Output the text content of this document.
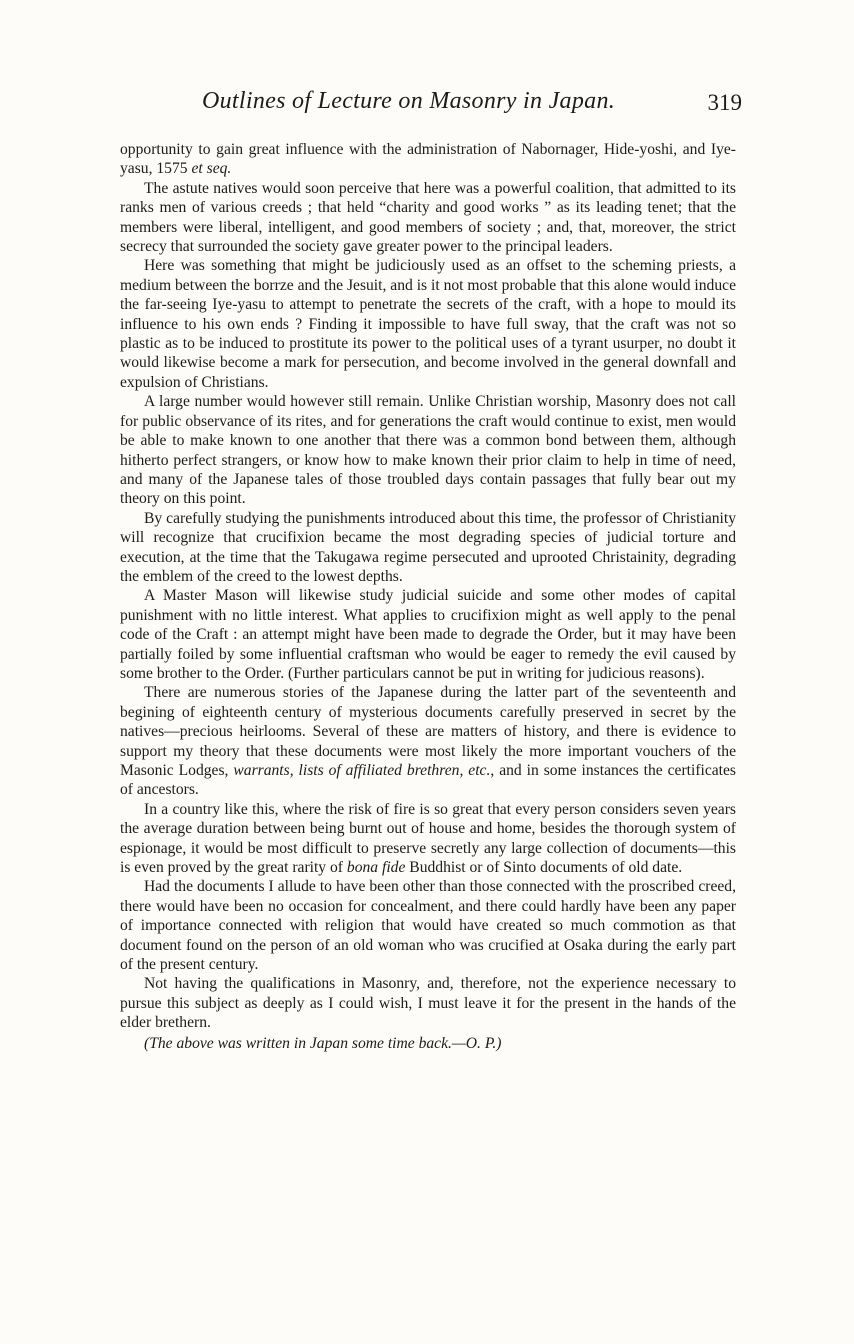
Outlines of Lecture on Masonry in Japan.	319

opportunity to gain great influence with the administration of Nabornager, Hide-yoshi, and Iye-yasu, 1575 et seq.

The astute natives would soon perceive that here was a powerful coalition, that admitted to its ranks men of various creeds ; that held “charity and good works ” as its leading tenet; that the members were liberal, intelligent, and good members of society ; and, that, moreover, the strict secrecy that surrounded the society gave greater power to the principal leaders.

Here was something that might be judiciously used as an offset to the scheming priests, a medium between the borrze and the Jesuit, and is it not most probable that this alone would induce the far-seeing Iye-yasu to attempt to penetrate the secrets of the craft, with a hope to mould its influence to his own ends ? Finding it impossible to have full sway, that the craft was not so plastic as to be induced to prostitute its power to the political uses of a tyrant usurper, no doubt it would likewise become a mark for persecution, and become involved in the general downfall and expulsion of Christians.

A large number would however still remain. Unlike Christian worship, Masonry does not call for public observance of its rites, and for generations the craft would continue to exist, men would be able to make known to one another that there was a common bond between them, although hitherto perfect strangers, or know how to make known their prior claim to help in time of need, and many of the Japanese tales of those troubled days contain passages that fully bear out my theory on this point.

By carefully studying the punishments introduced about this time, the professor of Christianity will recognize that crucifixion became the most degrading species of judicial torture and execution, at the time that the Takugawa regime persecuted and uprooted Christainity, degrading the emblem of the creed to the lowest depths.

A Master Mason will likewise study judicial suicide and some other modes of capital punishment with no little interest. What applies to crucifixion might as well apply to the penal code of the Craft : an attempt might have been made to degrade the Order, but it may have been partially foiled by some influential craftsman who would be eager to remedy the evil caused by some brother to the Order. (Further particulars cannot be put in writing for judicious reasons).

There are numerous stories of the Japanese during the latter part of the seventeenth and begining of eighteenth century of mysterious documents carefully preserved in secret by the natives—precious heirlooms. Several of these are matters of history, and there is evidence to support my theory that these documents were most likely the more important vouchers of the Masonic Lodges, warrants, lists of affiliated brethren, etc., and in some instances the certificates of ancestors.

In a country like this, where the risk of fire is so great that every person considers seven years the average duration between being burnt out of house and home, besides the thorough system of espionage, it would be most difficult to preserve secretly any large collection of documents—this is even proved by the great rarity of bona fide Buddhist or of Sinto documents of old date.

Had the documents I allude to have been other than those connected with the proscribed creed, there would have been no occasion for concealment, and there could hardly have been any paper of importance connected with religion that would have created so much commotion as that document found on the person of an old woman who was crucified at Osaka during the early part of the present century.

Not having the qualifications in Masonry, and, therefore, not the experience necessary to pursue this subject as deeply as I could wish, I must leave it for the present in the hands of the elder brethern.

(The above was written in Japan some time back.—O. P.)
